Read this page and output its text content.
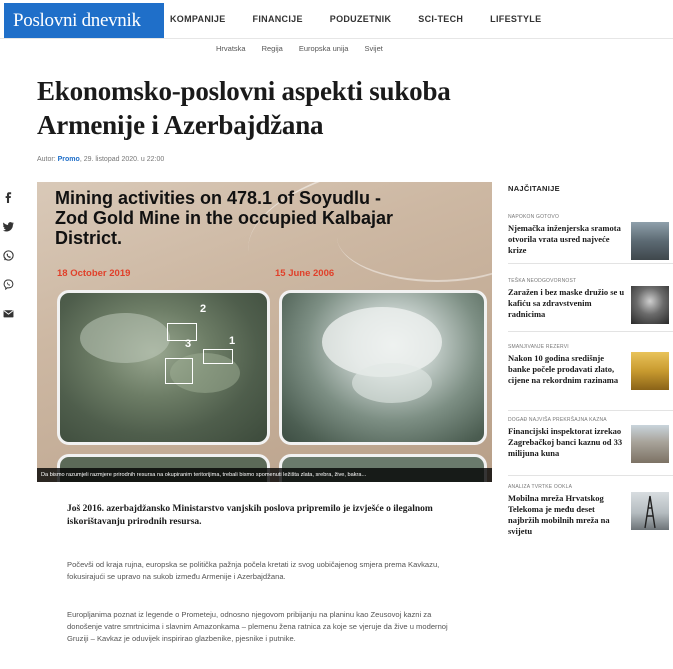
Poslovni dnevnik	KOMPANIJE	FINANCIJE	PODUZETNIK	SCI-TECH	LIFESTYLE
Hrvatska Regija Europska unija Svijet
Ekonomsko-poslovni aspekti sukoba Armenije i Azerbajdžana
Autor: Promo, 29. listopad 2020. u 22:00
Mining activities on 478.1 of Soyudlu - Zod Gold Mine in the occupied Kalbajar District.
18 October 2019	15 June 2006
2
3	1
Da bismo razumjeli razmjere prirodnih resursa na okupiranim teritorijima, trebali bismo spomenuti ležišta zlata, srebra, žive, bakra...
NAJČITANIJE
NAPOKON GOTOVO
Njemačka inženjerska sramota otvorila vrata usred najveće krize
TEŠKA NEODGOVORNOST
Zaražen i bez maske družio se u kafiću sa zdravstvenim radnicima
SMANJIVANJE REZERVI
Nakon 10 godina središnje banke počele prodavati zlato, cijene na rekordnim razinama
DOGAĐ NAJVIŠA PREKRŠAJNA KAZNA
Financijski inspektorat izrekao Zagrebačkoj banci kaznu od 33 milijuna kuna
ANALIZA TVRTKE OOKLA
Mobilna mreža Hrvatskog Telekoma je među deset najbržih mobilnih mreža na svijetu

Još 2016. azerbajdžansko Ministarstvo vanjskih poslova pripremilo je izvješće o ilegalnom iskorištavanju prirodnih resursa.

Počevši od kraja rujna, europska se politička pažnja počela kretati iz svog uobičajenog smjera prema Kavkazu, fokusirajući se upravo na sukob između Armenije i Azerbajdžana.

Europljanima poznat iz legende o Prometeju, odnosno njegovom pribijanju na planinu kao Zeusovoj kazni za donošenje vatre smrtnicima i slavnim Amazonkama – plemenu žena ratnica za koje se vjeruje da žive u modernoj Gruziji – Kavkaz je oduvijek inspirirao glazbenike, pjesnike i putnike.
